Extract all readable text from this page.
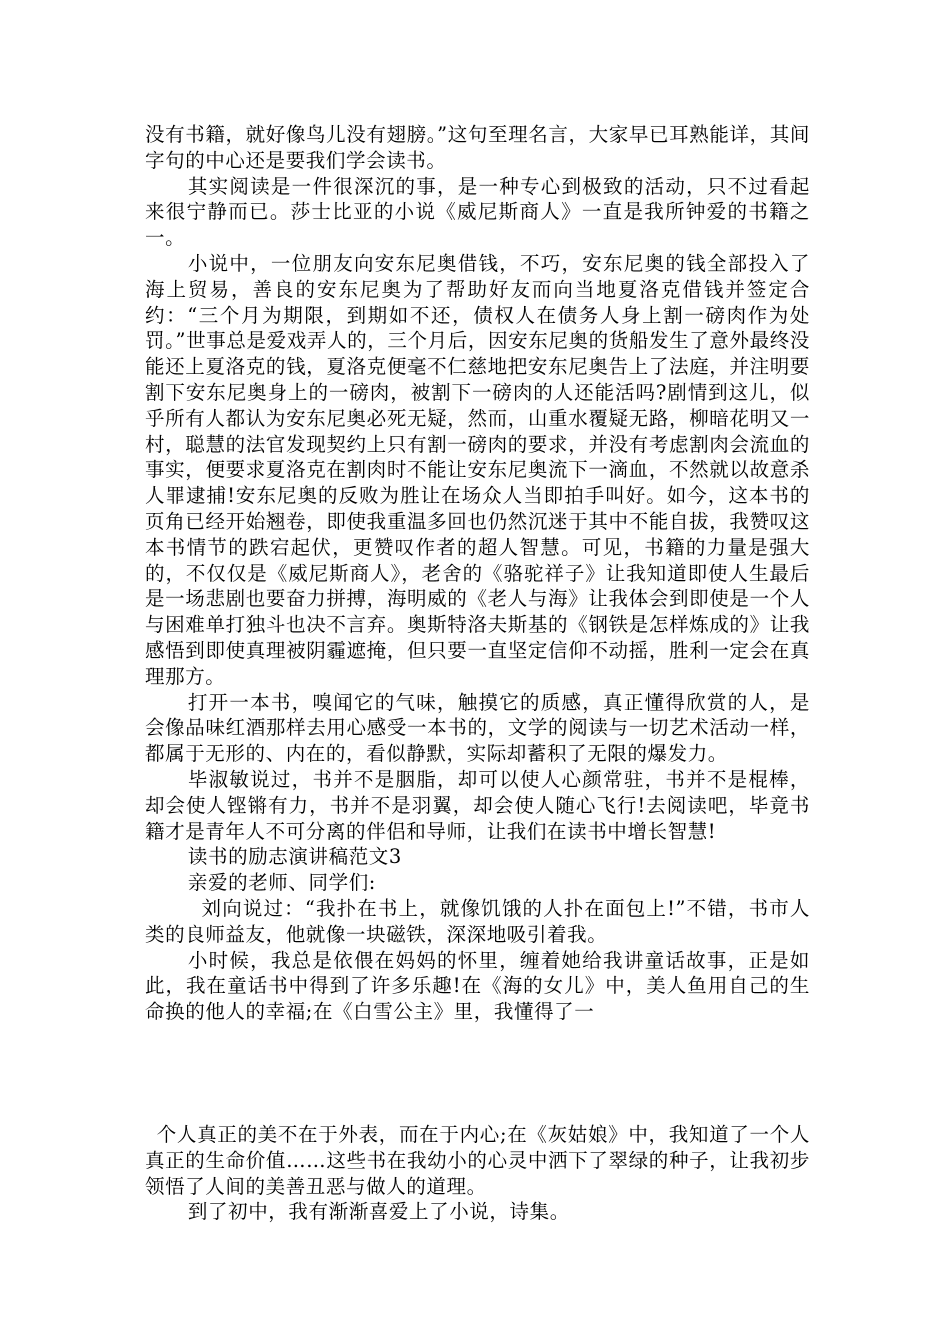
没有书籍，就好像鸟儿没有翅膀。”这句至理名言，大家早已耳熟能详，其间字句的中心还是要我们学会读书。

其实阅读是一件很深沉的事，是一种专心到极致的活动，只不过看起来很宁静而已。莎士比亚的小说《威尼斯商人》一直是我所钟爱的书籍之一。

小说中，一位朋友向安东尼奥借钱，不巧，安东尼奥的钱全部投入了海上贸易，善良的安东尼奥为了帮助好友而向当地夏洛克借钱并签定合约：“三个月为期限，到期如不还，债权人在债务人身上割一磅肉作为处罚。”世事总是爱戏弄人的，三个月后，因安东尼奥的货船发生了意外最终没能还上夏洛克的钱，夏洛克便毫不仁慈地把安东尼奥告上了法庭，并注明要割下安东尼奥身上的一磅肉，被割下一磅肉的人还能活吗?剧情到这儿，似乎所有人都认为安东尼奥必死无疑，然而，山重水覆疑无路，柳暗花明又一村，聪慧的法官发现契约上只有割一磅肉的要求，并没有考虑割肉会流血的事实，便要求夏洛克在割肉时不能让安东尼奥流下一滴血，不然就以故意杀人罪逮捕!安东尼奥的反败为胜让在场众人当即拍手叫好。如今，这本书的页角已经开始翘卷，即使我重温多回也仍然沉迷于其中不能自拔，我赞叹这本书情节的跌宕起伏，更赞叹作者的超人智慧。可见，书籍的力量是强大的，不仅仅是《威尼斯商人》，老舍的《骆驼祥子》让我知道即使人生最后是一场悲剧也要奋力拼搏，海明威的《老人与海》让我体会到即使是一个人与困难单打独斗也决不言弃。奥斯特洛夫斯基的《钢铁是怎样炼成的》让我感悟到即使真理被阴霾遮掩，但只要一直坚定信仰不动摇，胜利一定会在真理那方。

打开一本书，嗅闻它的气味，触摸它的质感，真正懂得欣赏的人，是会像品味红酒那样去用心感受一本书的，文学的阅读与一切艺术活动一样，都属于无形的、内在的，看似静默，实际却蓄积了无限的爆发力。

毕淑敏说过，书并不是胭脂，却可以使人心颜常驻，书并不是棍棒，却会使人铿锵有力，书并不是羽翼，却会使人随心飞行!去阅读吧，毕竟书籍才是青年人不可分离的伴侣和导师，让我们在读书中增长智慧!

读书的励志演讲稿范文3

亲爱的老师、同学们:

刘向说过：“我扑在书上，就像饥饿的人扑在面包上!”不错，书市人类的良师益友，他就像一块磁铁，深深地吸引着我。

小时候，我总是依偎在妈妈的怀里，缠着她给我讲童话故事，正是如此，我在童话书中得到了许多乐趣!在《海的女儿》中，美人鱼用自己的生命换的他人的幸福;在《白雪公主》里，我懂得了一

个人真正的美不在于外表，而在于内心;在《灰姑娘》中，我知道了一个人真正的生命价值……这些书在我幼小的心灵中洒下了翠绿的种子，让我初步领悟了人间的美善丑恶与做人的道理。

到了初中，我有渐渐喜爱上了小说，诗集。
